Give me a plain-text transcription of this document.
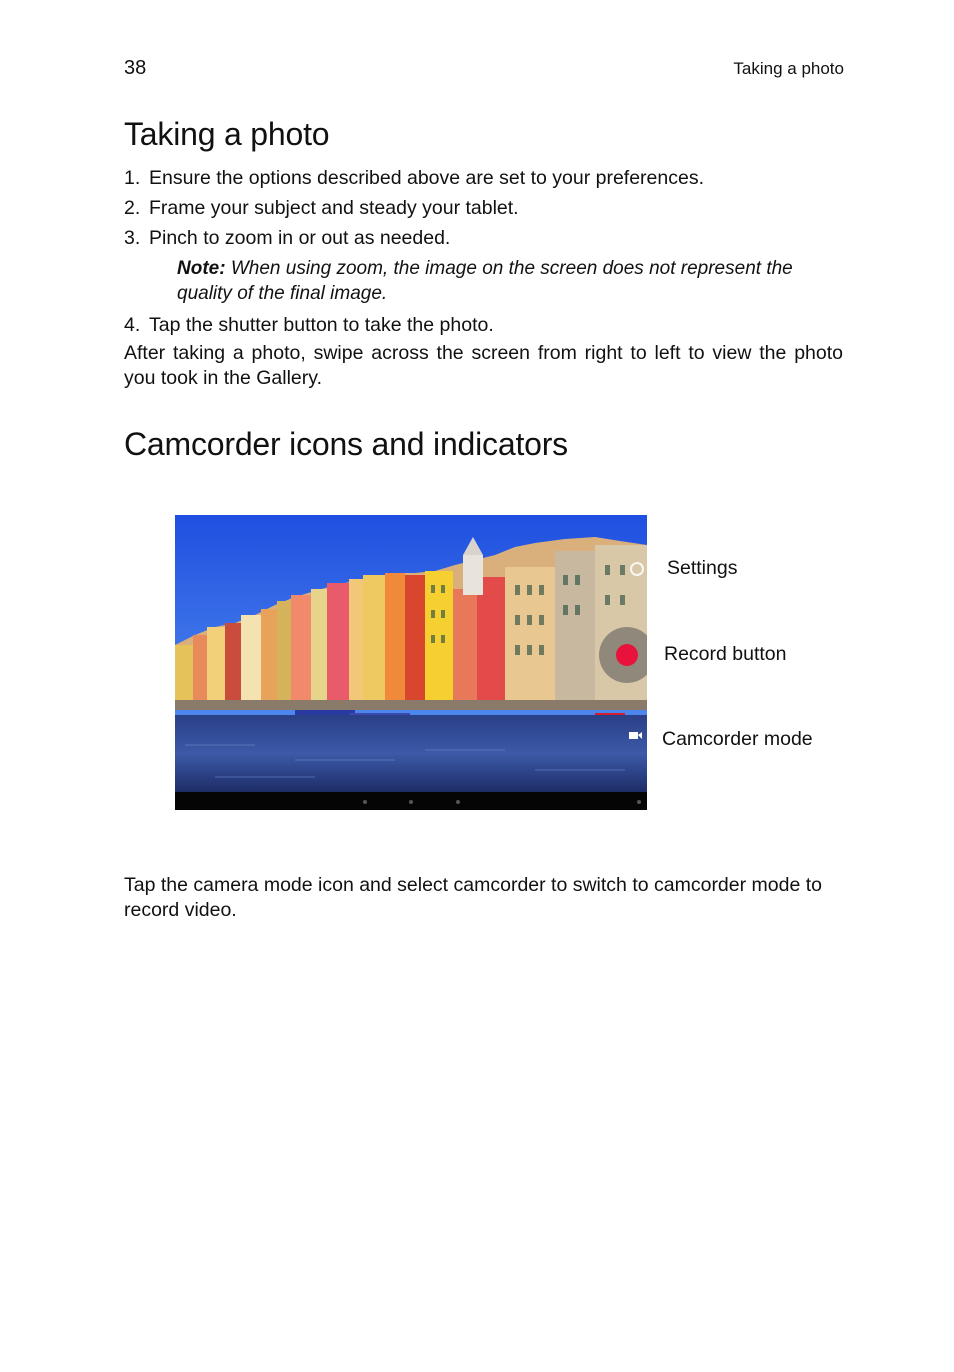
38	Taking a photo
Taking a photo
1. Ensure the options described above are set to your preferences.
2. Frame your subject and steady your tablet.
3. Pinch to zoom in or out as needed.
Note: When using zoom, the image on the screen does not represent the quality of the final image.
4. Tap the shutter button to take the photo.
After taking a photo, swipe across the screen from right to left to view the photo you took in the Gallery.
Camcorder icons and indicators
Settings
Record button
Camcorder mode
Tap the camera mode icon and select camcorder to switch to camcorder mode to record video.
